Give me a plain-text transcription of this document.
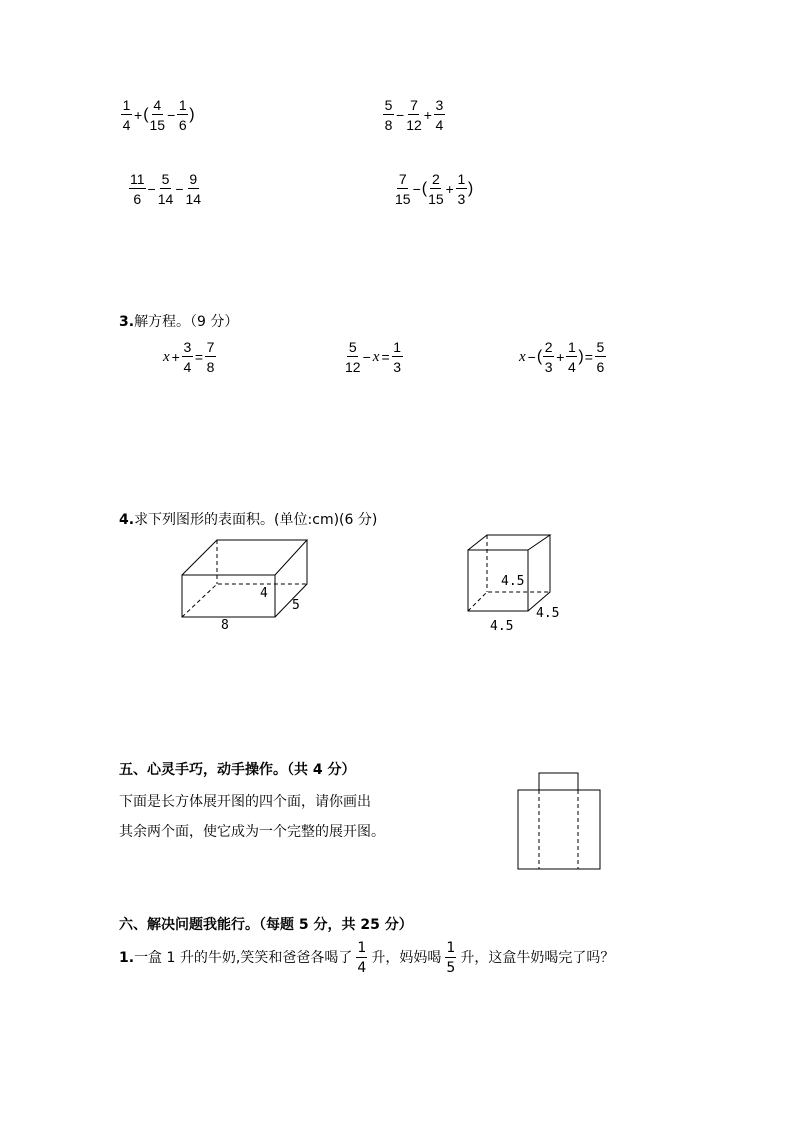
$\frac{1}{4}$ + ( $\frac{4}{15} - \frac{1}{6}$ )	$\frac{5}{8} - \frac{7}{12} + \frac{3}{4}$
$\frac{11}{6} - \frac{5}{14} - \frac{9}{14}$	$\frac{7}{15}$ − ( $\frac{2}{15} + \frac{1}{3}$ )
3.解方程。（9 分）
$x + \frac{3}{4} = \frac{7}{8}$	$\frac{5}{12} - x = \frac{1}{3}$	x − ( $\frac{2}{3} + \frac{1}{4}$ ) = $\frac{5}{6}$
4.求下列图形的表面积。(单位:cm)(6 分)
4
5
8
4.5
4.5
4.5
五、心灵手巧，动手操作。（共 4 分）
下面是长方体展开图的四个面，请你画出
其余两个面，使它成为一个完整的展开图。
六、解决问题我能行。（每题 5 分，共 25 分）
1. 一盒 1 升的牛奶,笑笑和爸爸各喝了 $\frac{1}{4}$ 升，妈妈喝 $\frac{1}{5}$ 升，这盒牛奶喝完了吗？
